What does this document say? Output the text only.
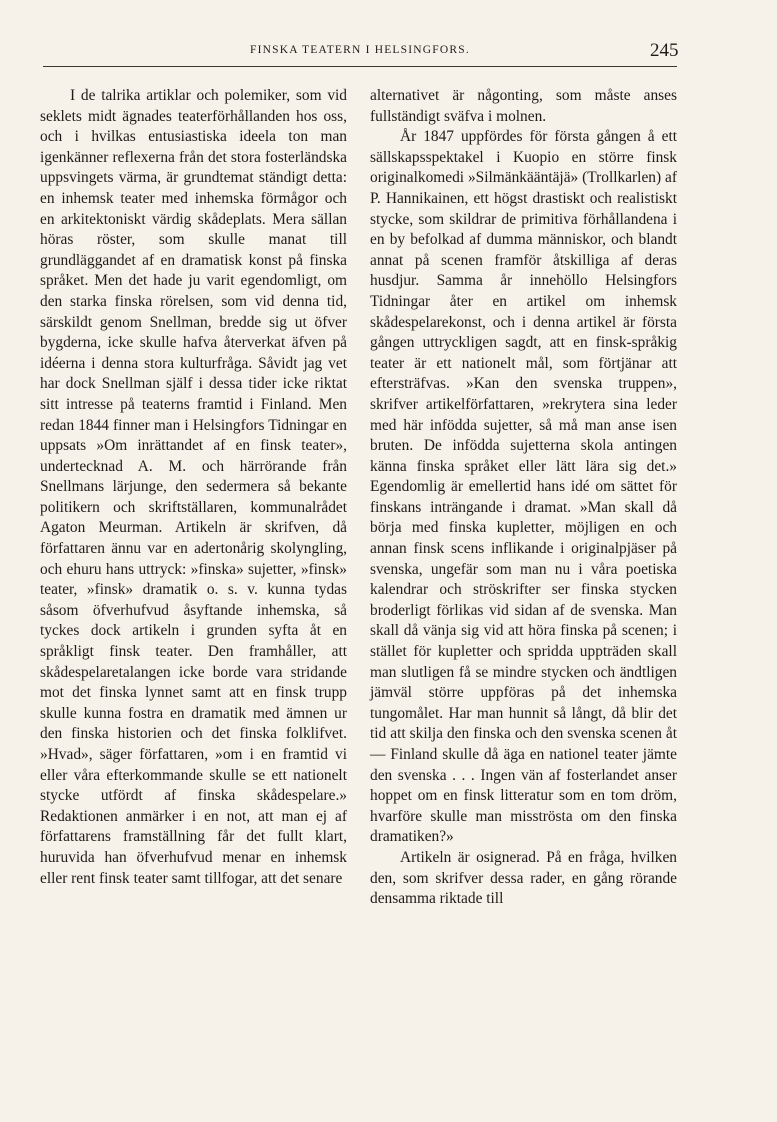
FINSKA TEATERN I HELSINGFORS.	245

I de talrika artiklar och polemiker, som vid seklets midt ägnades teaterförhållanden hos oss, och i hvilkas entusiastiska ideela ton man igenkänner reflexerna från det stora fosterländska uppsvingets värma, är grundtemat ständigt detta: en inhemsk teater med inhemska förmågor och en arkitektoniskt värdig skådeplats. Mera sällan höras röster, som skulle manat till grundläggandet af en dramatisk konst på finska språket. Men det hade ju varit egendomligt, om den starka finska rörelsen, som vid denna tid, särskildt genom Snellman, bredde sig ut öfver bygderna, icke skulle hafva återverkat äfven på idéerna i denna stora kulturfråga. Såvidt jag vet har dock Snellman själf i dessa tider icke riktat sitt intresse på teaterns framtid i Finland. Men redan 1844 finner man i Helsingfors Tidningar en uppsats »Om inrättandet af en finsk teater», undertecknad A. M. och härrörande från Snellmans lärjunge, den sedermera så bekante politikern och skriftställaren, kommunalrådet Agaton Meurman. Artikeln är skrifven, då författaren ännu var en adertonårig skolyngling, och ehuru hans uttryck: »finska» sujetter, »finsk» teater, »finsk» dramatik o. s. v. kunna tydas såsom öfverhufvud åsyftande inhemska, så tyckes dock artikeln i grunden syfta åt en språkligt finsk teater. Den framhåller, att skådespelaretalangen icke borde vara stridande mot det finska lynnet samt att en finsk trupp skulle kunna fostra en dramatik med ämnen ur den finska historien och det finska folklifvet. »Hvad», säger författaren, »om i en framtid vi eller våra efterkommande skulle se ett nationelt stycke utfördt af finska skådespelare.» Redaktionen anmärker i en not, att man ej af författarens framställning får det fullt klart, huruvida han öfverhufvud menar en inhemsk eller rent finsk teater samt tillfogar, att det senare

alternativet är någonting, som måste anses fullständigt sväfva i molnen.

År 1847 uppfördes för första gången å ett sällskapsspektakel i Kuopio en större finsk originalkomedi »Silmänkääntäjä» (Trollkarlen) af P. Hannikainen, ett högst drastiskt och realistiskt stycke, som skildrar de primitiva förhållandena i en by befolkad af dumma människor, och blandt annat på scenen framför åtskilliga af deras husdjur. Samma år innehöllo Helsingfors Tidningar åter en artikel om inhemsk skådespelarekonst, och i denna artikel är första gången uttryckligen sagdt, att en finsk-språkig teater är ett nationelt mål, som förtjänar att eftersträfvas. »Kan den svenska truppen», skrifver artikelförfattaren, »rekrytera sina leder med här infödda sujetter, så må man anse isen bruten. De infödda sujetterna skola antingen känna finska språket eller lätt lära sig det.» Egendomlig är emellertid hans idé om sättet för finskans inträngande i dramat. »Man skall då börja med finska kupletter, möjligen en och annan finsk scens inflikande i originalpjäser på svenska, ungefär som man nu i våra poetiska kalendrar och ströskrifter ser finska stycken broderligt förlikas vid sidan af de svenska. Man skall då vänja sig vid att höra finska på scenen; i stället för kupletter och spridda uppträden skall man slutligen få se mindre stycken och ändtligen jämväl större uppföras på det inhemska tungomålet. Har man hunnit så långt, då blir det tid att skilja den finska och den svenska scenen åt — Finland skulle då äga en nationel teater jämte den svenska . . . Ingen vän af fosterlandet anser hoppet om en finsk litteratur som en tom dröm, hvarföre skulle man misströsta om den finska dramatiken?»

Artikeln är osignerad. På en fråga, hvilken den, som skrifver dessa rader, en gång rörande densamma riktade till
